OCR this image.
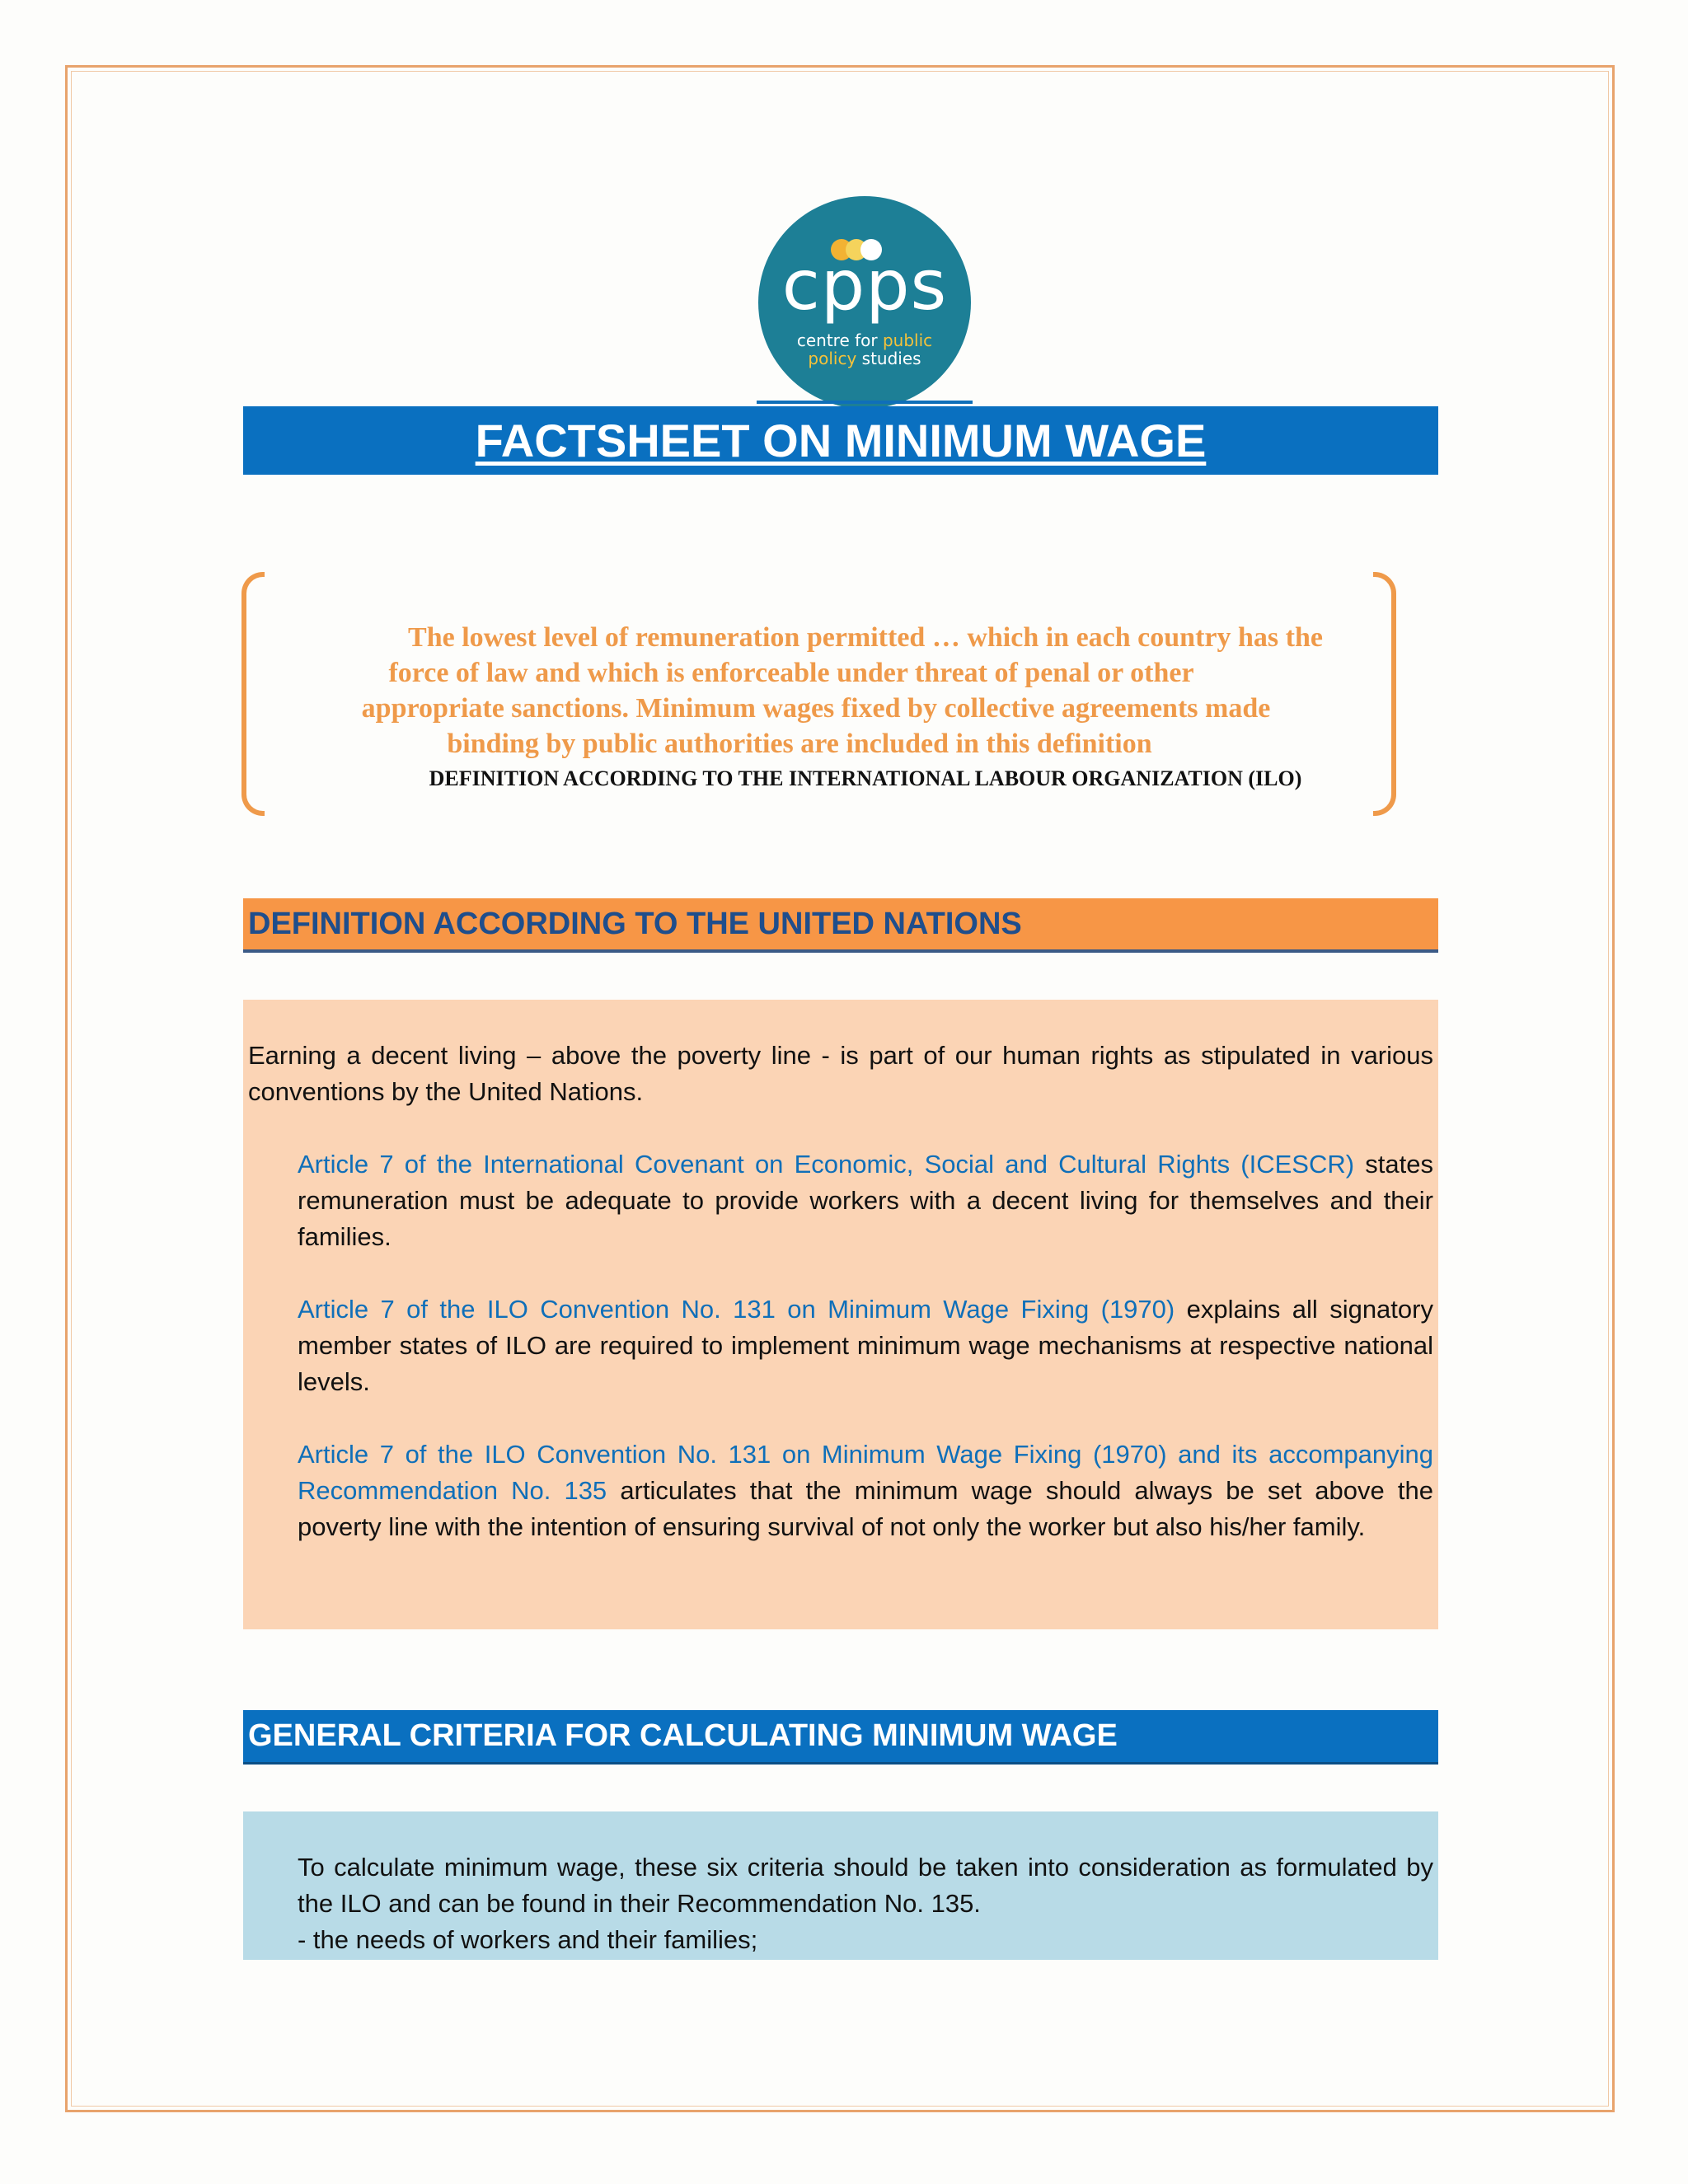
cpps
centre for public
policy studies
FACTSHEET ON MINIMUM WAGE

The lowest level of remuneration permitted … which in each country has the

force of law and which is enforceable under threat of penal or other

appropriate sanctions. Minimum wages fixed by collective agreements made

binding by public authorities are included in this definition

DEFINITION ACCORDING TO THE INTERNATIONAL LABOUR ORGANIZATION (ILO)
DEFINITION ACCORDING TO THE UNITED NATIONS

Earning a decent living – above the poverty line - is part of our human rights as stipulated in various conventions by the United Nations.

Article 7 of the International Covenant on Economic, Social and Cultural Rights (ICESCR) states remuneration must be adequate to provide workers with a decent living for themselves and their families.

Article 7 of the ILO Convention No. 131 on Minimum Wage Fixing (1970) explains all signatory member states of ILO are required to implement minimum wage mechanisms at respective national levels.

Article 7 of the ILO Convention No. 131 on Minimum Wage Fixing (1970) and its accompanying Recommendation No. 135 articulates that the minimum wage should always be set above the poverty line with the intention of ensuring survival of not only the worker but also his/her family.

GENERAL CRITERIA FOR CALCULATING MINIMUM WAGE

To calculate minimum wage, these six criteria should be taken into consideration as formulated by the ILO and can be found in their Recommendation No. 135.

- the needs of workers and their families;
